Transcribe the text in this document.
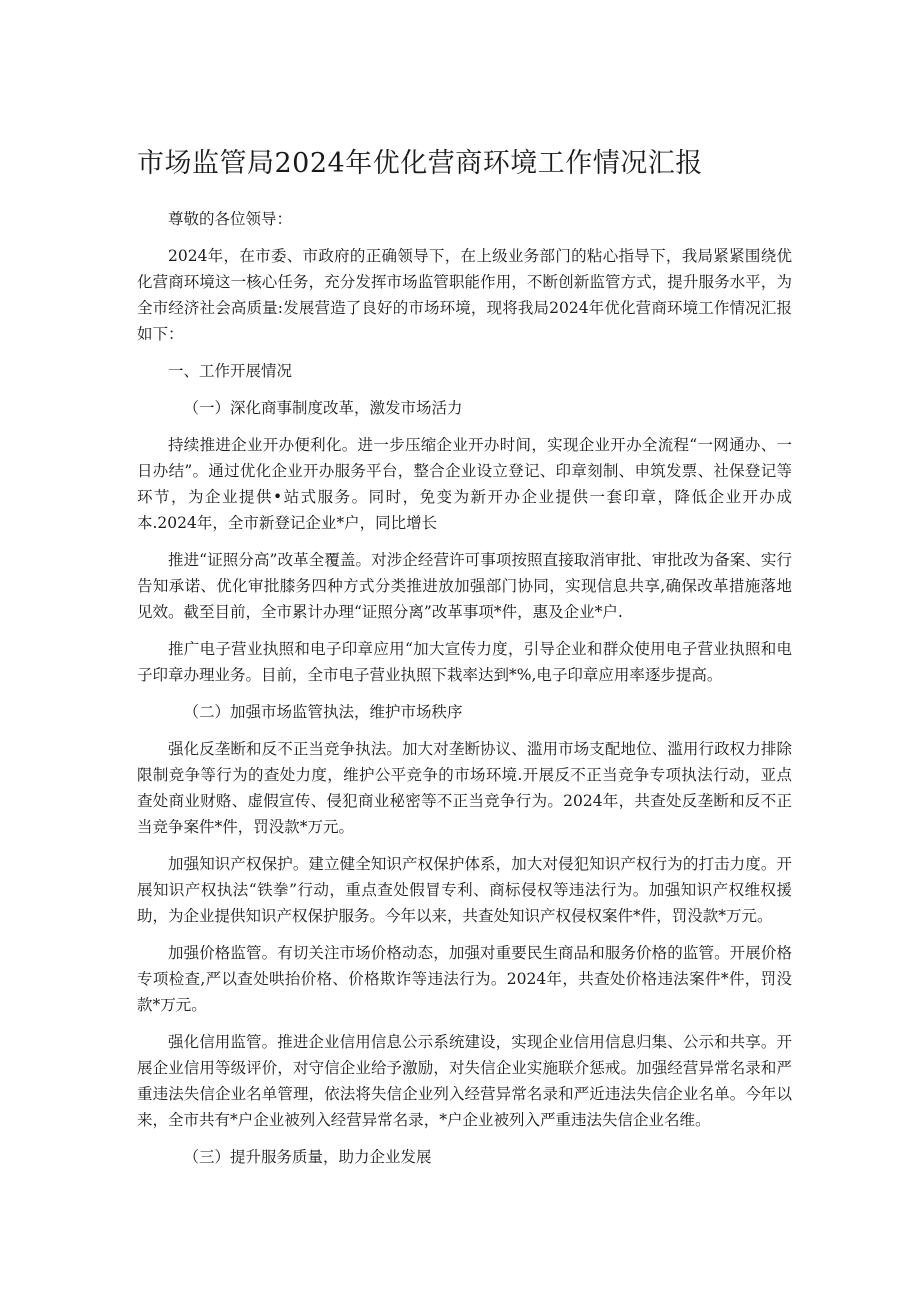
市场监管局2024年优化营商环境工作情况汇报

尊敬的各位领导：

2024年，在市委、市政府的正确领导下，在上级业务部门的粘心指导下，我局紧紧围绕优化营商环境这一核心任务，充分发挥市场监管职能作用，不断创新监管方式，提升服务水平，为全市经济社会高质量:发展营造了良好的市场环境，现将我局2024年优化营商环境工作情况汇报如下：

一、工作开展情况

（一）深化商事制度改革，激发市场活力

持续推进企业开办便利化。进一步压缩企业开办时间，实现企业开办全流程“一网通办、一日办结”。通过优化企业开办服务平台，整合企业设立登记、印章刻制、申筑发票、社保登记等环节，为企业提供•站式服务。同时，免变为新开办企业提供一套印章，降低企业开办成本.2024年，全市新登记企业*户，同比增长

推进“证照分高”改革全覆盖。对涉企经营许可事项按照直接取消审批、审批改为备案、实行告知承诺、优化审批膝务四种方式分类推进放加强部门协同，实现信息共享,确保改革措施落地见效。截至目前，全市累计办理“证照分离”改革事项*件，惠及企业*户.

推广电子营业执照和电子印章应用“加大宣传力度，引导企业和群众使用电子营业执照和电子印章办理业务。目前，全市电子营业执照下栽率达到*%,电子印章应用率逐步提高。

（二）加强市场监管执法，维护市场秩序

强化反垄断和反不正当竞争执法。加大对垄断协议、滥用市场支配地位、滥用行政权力排除限制竞争等行为的查处力度，维护公平竞争的市场环境.开展反不正当竞争专项执法行动，亚点查处商业财赂、虚假宣传、侵犯商业秘密等不正当竞争行为。2024年，共查处反垄断和反不正当竞争案件*件，罚没款*万元。

加强知识产权保护。建立健全知识产权保护体系，加大对侵犯知识产权行为的打击力度。开展知识产权执法“铁拳”行动，重点查处假冒专利、商标侵权等违法行为。加强知识产权维权援助，为企业提供知识产权保护服务。今年以来，共查处知识产权侵权案件*件，罚没款*万元。

加强价格监管。有切关注市场价格动态，加强对重要民生商品和服务价格的监管。开展价格专项检查,严以查处哄抬价格、价格欺诈等违法行为。2024年，共查处价格违法案件*件，罚没款*万元。

强化信用监管。推进企业信用信息公示系统建设，实现企业信用信息归集、公示和共享。开展企业信用等级评价，对守信企业给予激励，对失信企业实施联介惩戒。加强经营异常名录和严重违法失信企业名单管理，依法将失信企业列入经营异常名录和严近违法失信企业名单。今年以来，全市共有*户企业被列入经营异常名录，*户企业被列入严重违法失信企业名维。

（三）提升服务质量，助力企业发展
